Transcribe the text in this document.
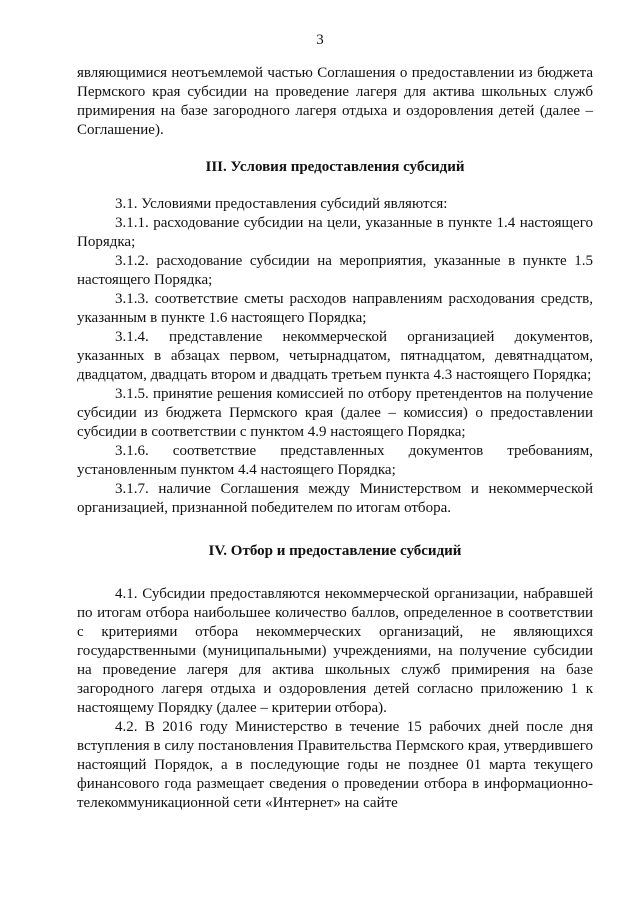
3

являющимися неотъемлемой частью Соглашения о предоставлении из бюджета Пермского края субсидии на проведение лагеря для актива школьных служб примирения на базе загородного лагеря отдыха и оздоровления детей (далее – Соглашение).

III. Условия предоставления субсидий

3.1. Условиями предоставления субсидий являются:

3.1.1. расходование субсидии на цели, указанные в пункте 1.4 настоящего Порядка;

3.1.2. расходование субсидии на мероприятия, указанные в пункте 1.5 настоящего Порядка;

3.1.3. соответствие сметы расходов направлениям расходования средств, указанным в пункте 1.6 настоящего Порядка;

3.1.4. представление некоммерческой организацией документов, указанных в абзацах первом, четырнадцатом, пятнадцатом, девятнадцатом, двадцатом, двадцать втором и двадцать третьем пункта 4.3 настоящего Порядка;

3.1.5. принятие решения комиссией по отбору претендентов на получение субсидии из бюджета Пермского края (далее – комиссия) о предоставлении субсидии в соответствии с пунктом 4.9 настоящего Порядка;

3.1.6. соответствие представленных документов требованиям, установленным пунктом 4.4 настоящего Порядка;

3.1.7. наличие Соглашения между Министерством и некоммерческой организацией, признанной победителем по итогам отбора.

IV. Отбор и предоставление субсидий

4.1. Субсидии предоставляются некоммерческой организации, набравшей по итогам отбора наибольшее количество баллов, определенное в соответствии с критериями отбора некоммерческих организаций, не являющихся государственными (муниципальными) учреждениями, на получение субсидии на проведение лагеря для актива школьных служб примирения на базе загородного лагеря отдыха и оздоровления детей согласно приложению 1 к настоящему Порядку (далее – критерии отбора).

4.2. В 2016 году Министерство в течение 15 рабочих дней после дня вступления в силу постановления Правительства Пермского края, утвердившего настоящий Порядок, а в последующие годы не позднее 01 марта текущего финансового года размещает сведения о проведении отбора в информационно-телекоммуникационной сети «Интернет» на сайте
